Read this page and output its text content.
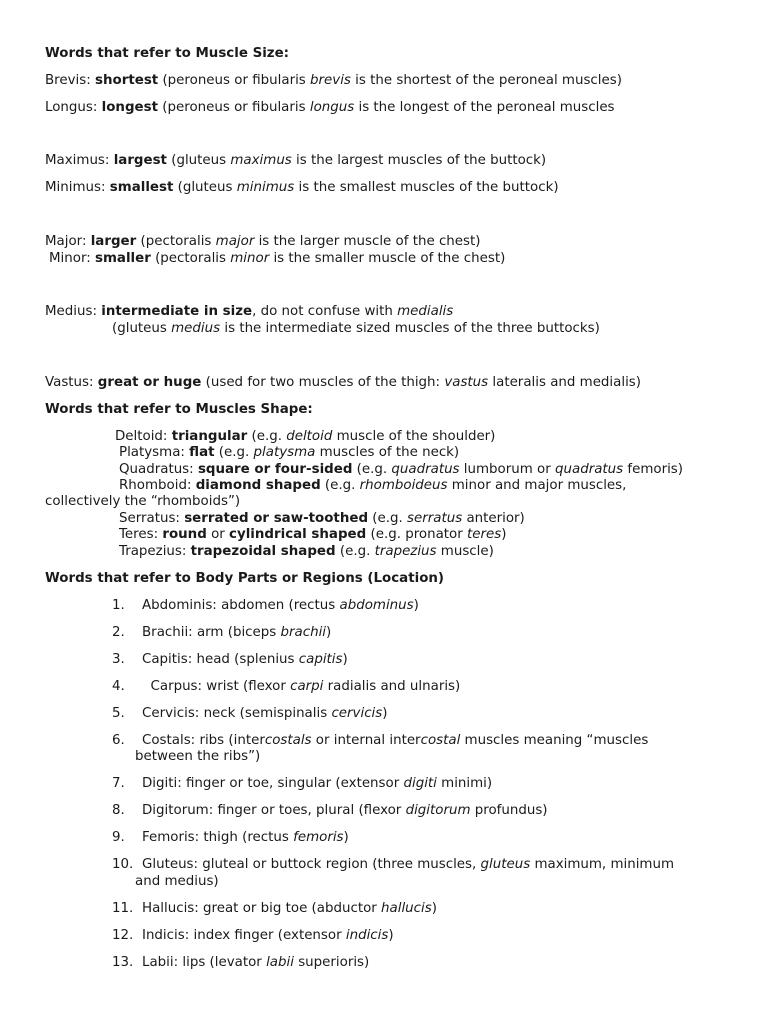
Words that refer to Muscle Size:
Brevis: shortest (peroneus or fibularis brevis is the shortest of the peroneal muscles)
Longus: longest (peroneus or fibularis longus is the longest of the peroneal muscles
Maximus: largest (gluteus maximus is the largest muscles of the buttock)
Minimus: smallest (gluteus minimus is the smallest muscles of the buttock)
Major: larger (pectoralis major is the larger muscle of the chest)
Minor: smaller (pectoralis minor is the smaller muscle of the chest)
Medius: intermediate in size, do not confuse with medialis
(gluteus medius is the intermediate sized muscles of the three buttocks)
Vastus: great or huge (used for two muscles of the thigh: vastus lateralis and medialis)
Words that refer to Muscles Shape:
Deltoid: triangular (e.g. deltoid muscle of the shoulder)
Platysma: flat (e.g. platysma muscles of the neck)
Quadratus: square or four-sided (e.g. quadratus lumborum or quadratus femoris)
Rhomboid: diamond shaped (e.g. rhomboideus minor and major muscles,
collectively the “rhomboids”)
Serratus: serrated or saw-toothed (e.g. serratus anterior)
Teres: round or cylindrical shaped (e.g. pronator teres)
Trapezius: trapezoidal shaped (e.g. trapezius muscle)
Words that refer to Body Parts or Regions (Location)
1. Abdominis: abdomen (rectus abdominus)
2. Brachii: arm (biceps brachii)
3. Capitis: head (splenius capitis)
4.  Carpus: wrist (flexor carpi radialis and ulnaris)
5. Cervicis: neck (semispinalis cervicis)
6. Costals: ribs (intercostals or internal intercostal muscles meaning “muscles
between the ribs”)
7. Digiti: finger or toe, singular (extensor digiti minimi)
8. Digitorum: finger or toes, plural (flexor digitorum profundus)
9. Femoris: thigh (rectus femoris)
10. Gluteus: gluteal or buttock region (three muscles, gluteus maximum, minimum
and medius)
11. Hallucis: great or big toe (abductor hallucis)
12. Indicis: index finger (extensor indicis)
13. Labii: lips (levator labii superioris)
